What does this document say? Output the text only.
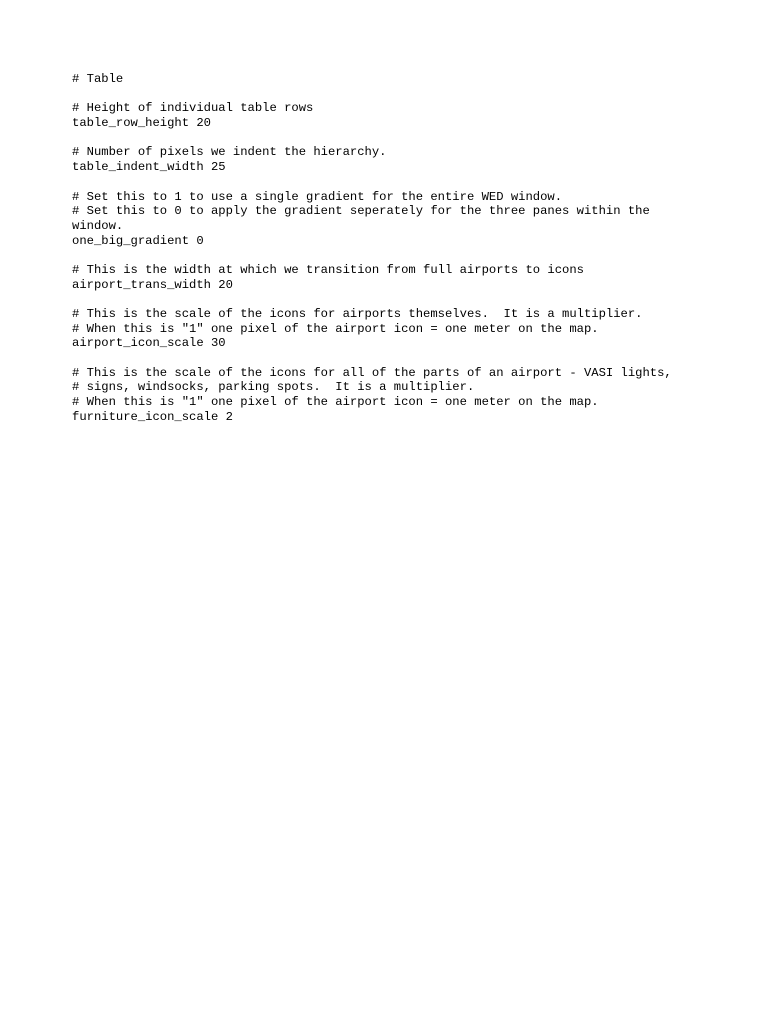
# Table
# Height of individual table rows
table_row_height 20
# Number of pixels we indent the hierarchy.
table_indent_width 25
# Set this to 1 to use a single gradient for the entire WED window.
# Set this to 0 to apply the gradient seperately for the three panes within the
window.
one_big_gradient 0
# This is the width at which we transition from full airports to icons
airport_trans_width 20
# This is the scale of the icons for airports themselves.  It is a multiplier.
# When this is "1" one pixel of the airport icon = one meter on the map.
airport_icon_scale 30
# This is the scale of the icons for all of the parts of an airport - VASI lights,
# signs, windsocks, parking spots.  It is a multiplier.
# When this is "1" one pixel of the airport icon = one meter on the map.
furniture_icon_scale 2
